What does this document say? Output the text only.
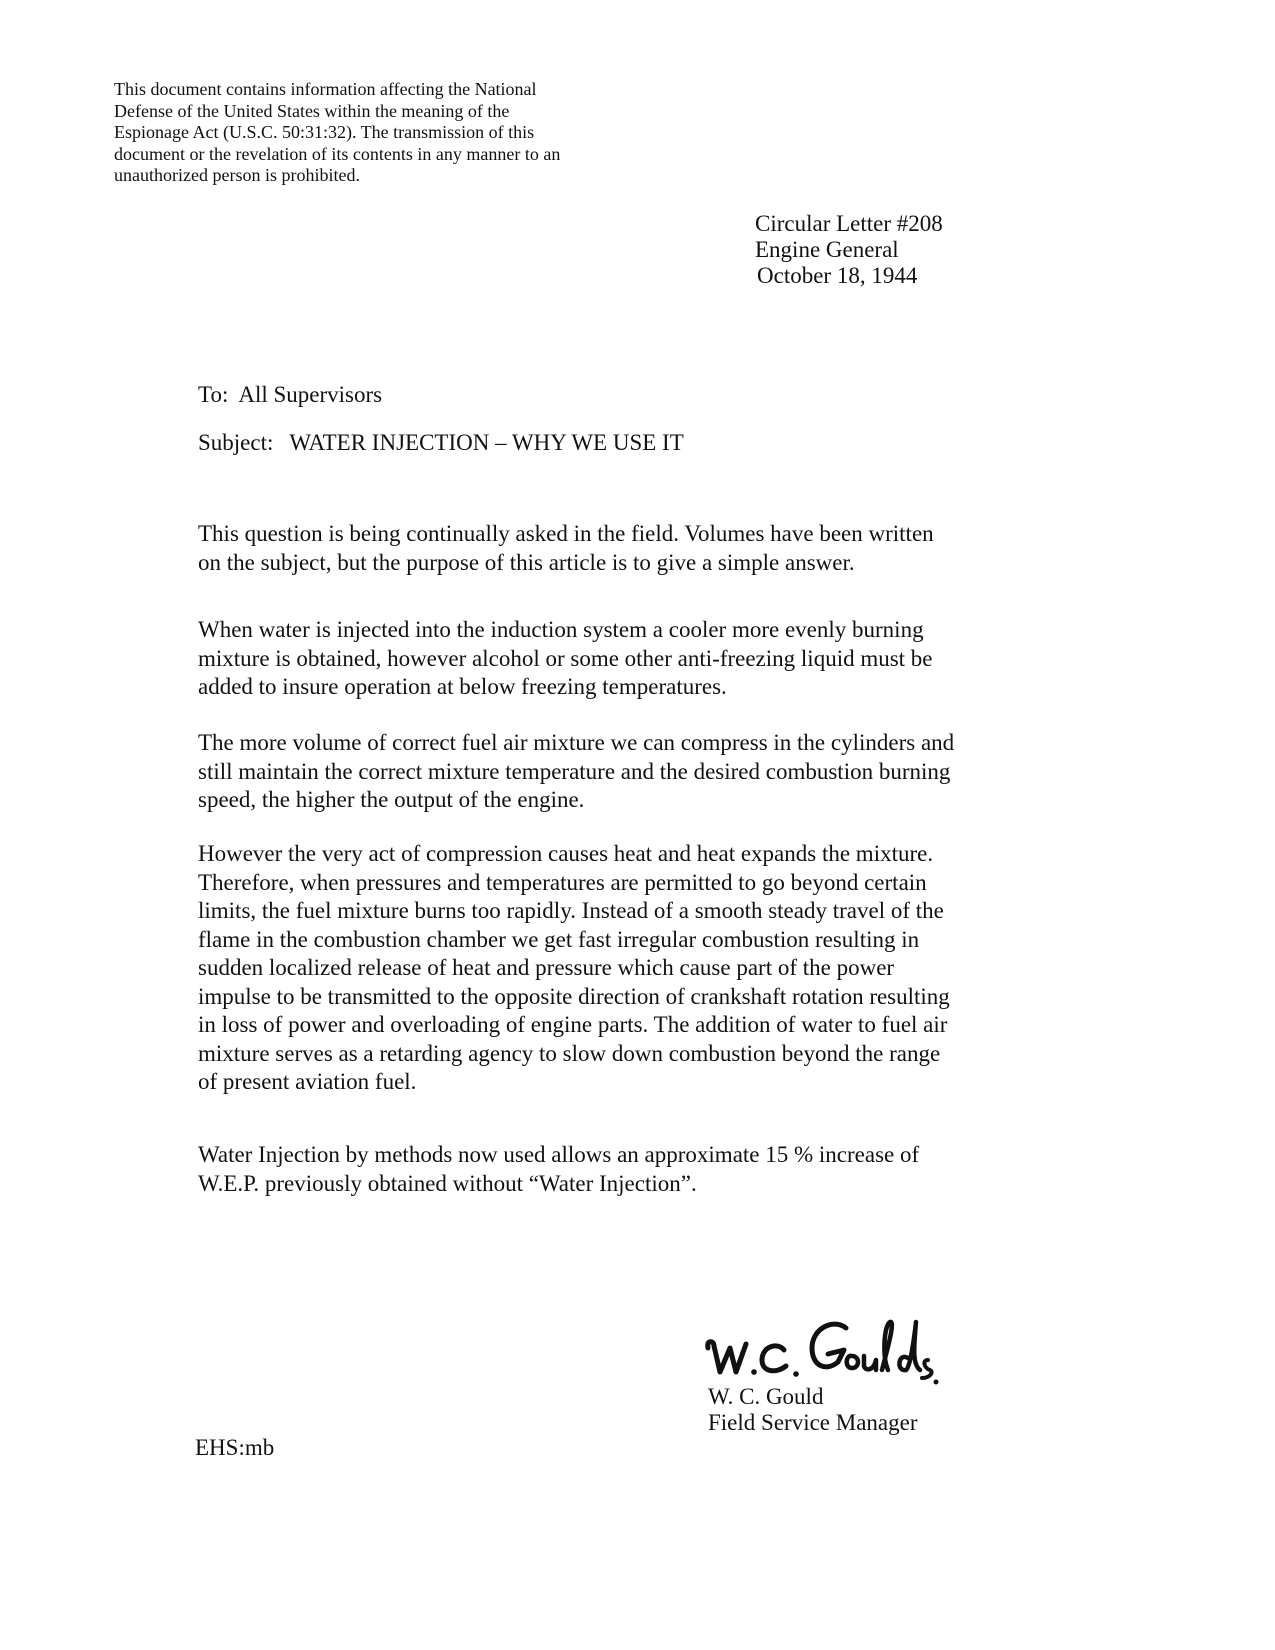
This document contains information affecting the National
Defense of the United States within the meaning of the
Espionage Act (U.S.C. 50:31:32). The transmission of this
document or the revelation of its contents in any manner to an
unauthorized person is prohibited.
Circular Letter #208
Engine General
October 18, 1944
To: All Supervisors
Subject: WATER INJECTION – WHY WE USE IT
This question is being continually asked in the field. Volumes have been written
on the subject, but the purpose of this article is to give a simple answer.
When water is injected into the induction system a cooler more evenly burning
mixture is obtained, however alcohol or some other anti-freezing liquid must be
added to insure operation at below freezing temperatures.
The more volume of correct fuel air mixture we can compress in the cylinders and
still maintain the correct mixture temperature and the desired combustion burning
speed, the higher the output of the engine.
However the very act of compression causes heat and heat expands the mixture.
Therefore, when pressures and temperatures are permitted to go beyond certain
limits, the fuel mixture burns too rapidly. Instead of a smooth steady travel of the
flame in the combustion chamber we get fast irregular combustion resulting in
sudden localized release of heat and pressure which cause part of the power
impulse to be transmitted to the opposite direction of crankshaft rotation resulting
in loss of power and overloading of engine parts. The addition of water to fuel air
mixture serves as a retarding agency to slow down combustion beyond the range
of present aviation fuel.
Water Injection by methods now used allows an approximate 15 % increase of
W.E.P. previously obtained without “Water Injection”.
W. C. Gould
Field Service Manager
EHS:mb
